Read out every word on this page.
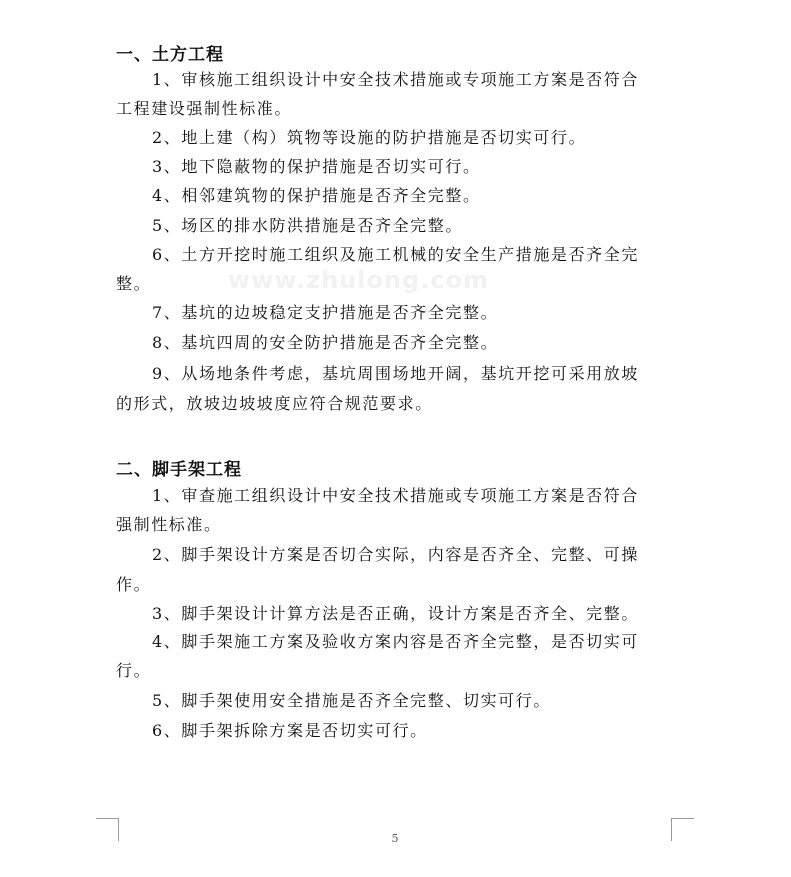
www.zhulong.com
一、土方工程
1、审核施工组织设计中安全技术措施或专项施工方案是否符合
工程建设强制性标准。
2、地上建（构）筑物等设施的防护措施是否切实可行。
3、地下隐蔽物的保护措施是否切实可行。
4、相邻建筑物的保护措施是否齐全完整。
5、场区的排水防洪措施是否齐全完整。
6、土方开挖时施工组织及施工机械的安全生产措施是否齐全完
整。
7、基坑的边坡稳定支护措施是否齐全完整。
8、基坑四周的安全防护措施是否齐全完整。
9、从场地条件考虑，基坑周围场地开阔，基坑开挖可采用放坡
的形式，放坡边坡坡度应符合规范要求。
二、脚手架工程
1、审查施工组织设计中安全技术措施或专项施工方案是否符合
强制性标准。
2、脚手架设计方案是否切合实际，内容是否齐全、完整、可操
作。
3、脚手架设计计算方法是否正确，设计方案是否齐全、完整。
4、脚手架施工方案及验收方案内容是否齐全完整，是否切实可
行。
5、脚手架使用安全措施是否齐全完整、切实可行。
6、脚手架拆除方案是否切实可行。
5
